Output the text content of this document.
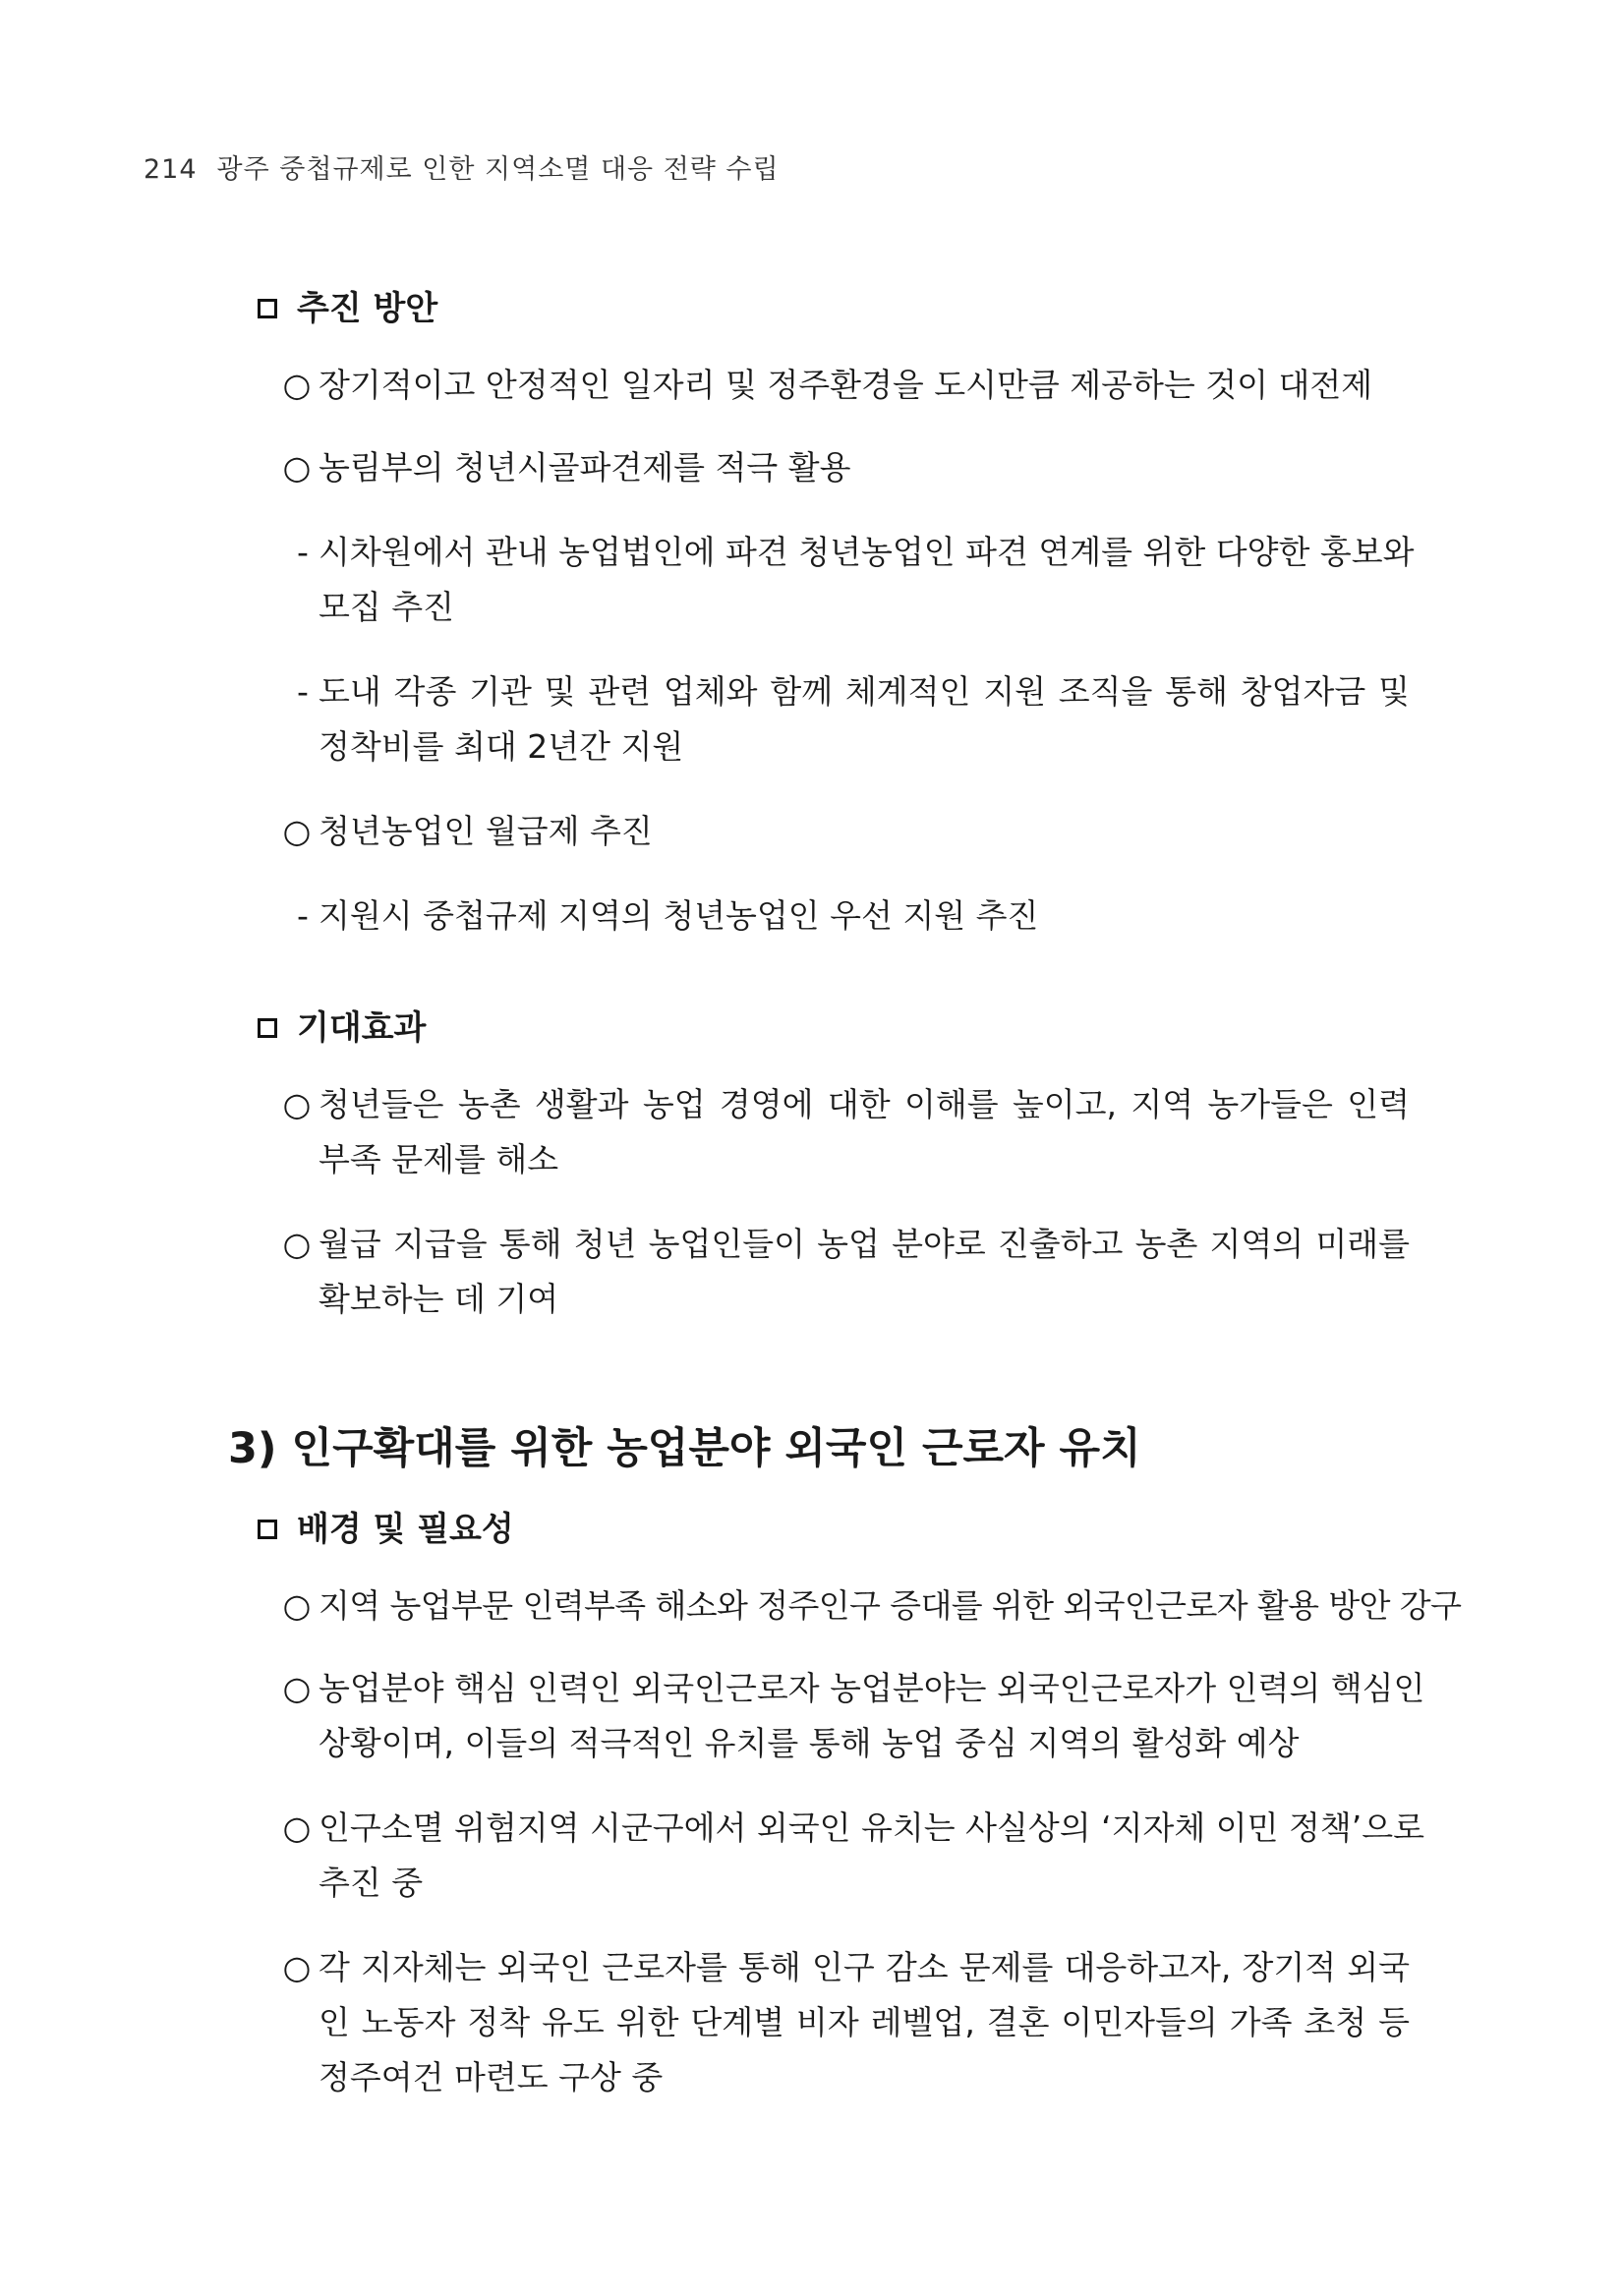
214 광주 중첩규제로 인한 지역소멸 대응 전략 수립
추진 방안
○ 장기적이고 안정적인 일자리 및 정주환경을 도시만큼 제공하는 것이 대전제
○ 농림부의 청년시골파견제를 적극 활용
- 시차원에서 관내 농업법인에 파견 청년농업인 파견 연계를 위한 다양한 홍보와
모집 추진
- 도내 각종 기관 및 관련 업체와 함께 체계적인 지원 조직을 통해 창업자금 및
정착비를 최대 2년간 지원
○ 청년농업인 월급제 추진
- 지원시 중첩규제 지역의 청년농업인 우선 지원 추진
기대효과
○ 청년들은 농촌 생활과 농업 경영에 대한 이해를 높이고, 지역 농가들은 인력
부족 문제를 해소
○ 월급 지급을 통해 청년 농업인들이 농업 분야로 진출하고 농촌 지역의 미래를
확보하는 데 기여
3) 인구확대를 위한 농업분야 외국인 근로자 유치
배경 및 필요성
○ 지역 농업부문 인력부족 해소와 정주인구 증대를 위한 외국인근로자 활용 방안 강구
○ 농업분야 핵심 인력인 외국인근로자 농업분야는 외국인근로자가 인력의 핵심인
상황이며, 이들의 적극적인 유치를 통해 농업 중심 지역의 활성화 예상
○ 인구소멸 위험지역 시군구에서 외국인 유치는 사실상의 ‘지자체 이민 정책’으로
추진 중
○ 각 지자체는 외국인 근로자를 통해 인구 감소 문제를 대응하고자, 장기적 외국
인 노동자 정착 유도 위한 단계별 비자 레벨업, 결혼 이민자들의 가족 초청 등
정주여건 마련도 구상 중
